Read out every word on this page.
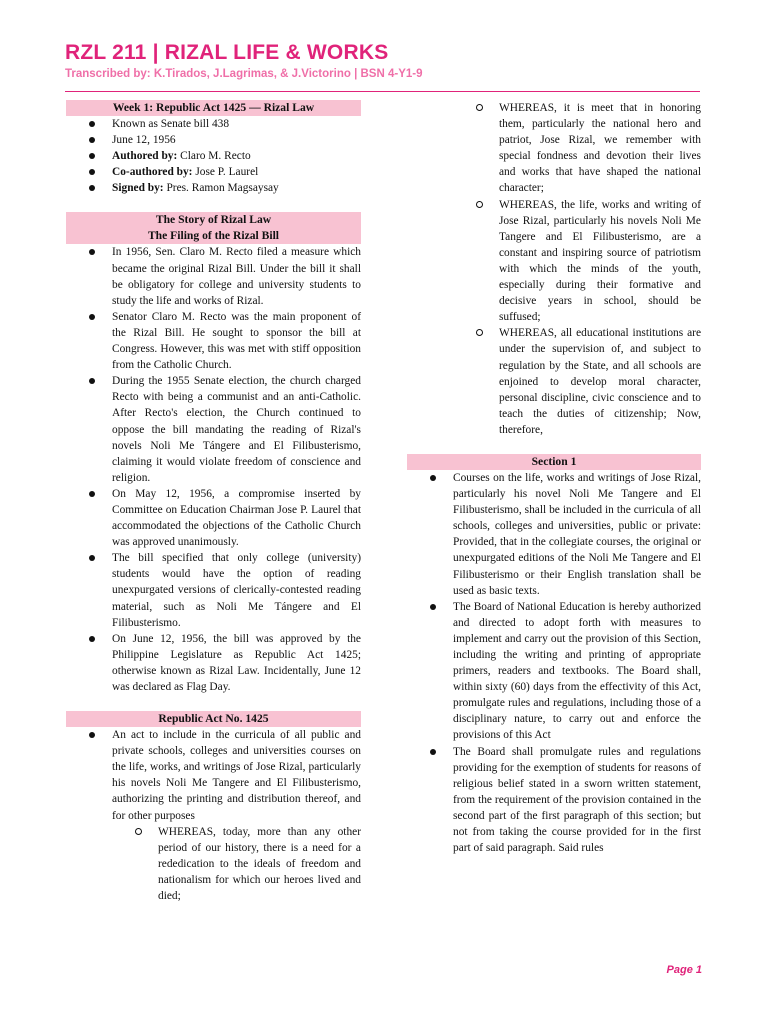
RZL 211 | RIZAL LIFE & WORKS
Transcribed by: K.Tirados, J.Lagrimas, & J.Victorino | BSN 4-Y1-9
Week 1: Republic Act 1425 — Rizal Law
Known as Senate bill 438
June 12, 1956
Authored by: Claro M. Recto
Co-authored by: Jose P. Laurel
Signed by: Pres. Ramon Magsaysay
The Story of Rizal Law
The Filing of the Rizal Bill
In 1956, Sen. Claro M. Recto filed a measure which became the original Rizal Bill. Under the bill it shall be obligatory for college and university students to study the life and works of Rizal.
Senator Claro M. Recto was the main proponent of the Rizal Bill. He sought to sponsor the bill at Congress. However, this was met with stiff opposition from the Catholic Church.
During the 1955 Senate election, the church charged Recto with being a communist and an anti-Catholic. After Recto's election, the Church continued to oppose the bill mandating the reading of Rizal's novels Noli Me Tángere and El Filibusterismo, claiming it would violate freedom of conscience and religion.
On May 12, 1956, a compromise inserted by Committee on Education Chairman Jose P. Laurel that accommodated the objections of the Catholic Church was approved unanimously.
The bill specified that only college (university) students would have the option of reading unexpurgated versions of clerically-contested reading material, such as Noli Me Tángere and El Filibusterismo.
On June 12, 1956, the bill was approved by the Philippine Legislature as Republic Act 1425; otherwise known as Rizal Law. Incidentally, June 12 was declared as Flag Day.
Republic Act No. 1425
An act to include in the curricula of all public and private schools, colleges and universities courses on the life, works, and writings of Jose Rizal, particularly his novels Noli Me Tangere and El Filibusterismo, authorizing the printing and distribution thereof, and for other purposes
WHEREAS, today, more than any other period of our history, there is a need for a rededication to the ideals of freedom and nationalism for which our heroes lived and died;
WHEREAS, it is meet that in honoring them, particularly the national hero and patriot, Jose Rizal, we remember with special fondness and devotion their lives and works that have shaped the national character;
WHEREAS, the life, works and writing of Jose Rizal, particularly his novels Noli Me Tangere and El Filibusterismo, are a constant and inspiring source of patriotism with which the minds of the youth, especially during their formative and decisive years in school, should be suffused;
WHEREAS, all educational institutions are under the supervision of, and subject to regulation by the State, and all schools are enjoined to develop moral character, personal discipline, civic conscience and to teach the duties of citizenship; Now, therefore,
Section 1
Courses on the life, works and writings of Jose Rizal, particularly his novel Noli Me Tangere and El Filibusterismo, shall be included in the curricula of all schools, colleges and universities, public or private: Provided, that in the collegiate courses, the original or unexpurgated editions of the Noli Me Tangere and El Filibusterismo or their English translation shall be used as basic texts.
The Board of National Education is hereby authorized and directed to adopt forth with measures to implement and carry out the provision of this Section, including the writing and printing of appropriate primers, readers and textbooks. The Board shall, within sixty (60) days from the effectivity of this Act, promulgate rules and regulations, including those of a disciplinary nature, to carry out and enforce the provisions of this Act
The Board shall promulgate rules and regulations providing for the exemption of students for reasons of religious belief stated in a sworn written statement, from the requirement of the provision contained in the second part of the first paragraph of this section; but not from taking the course provided for in the first part of said paragraph. Said rules
Page 1
